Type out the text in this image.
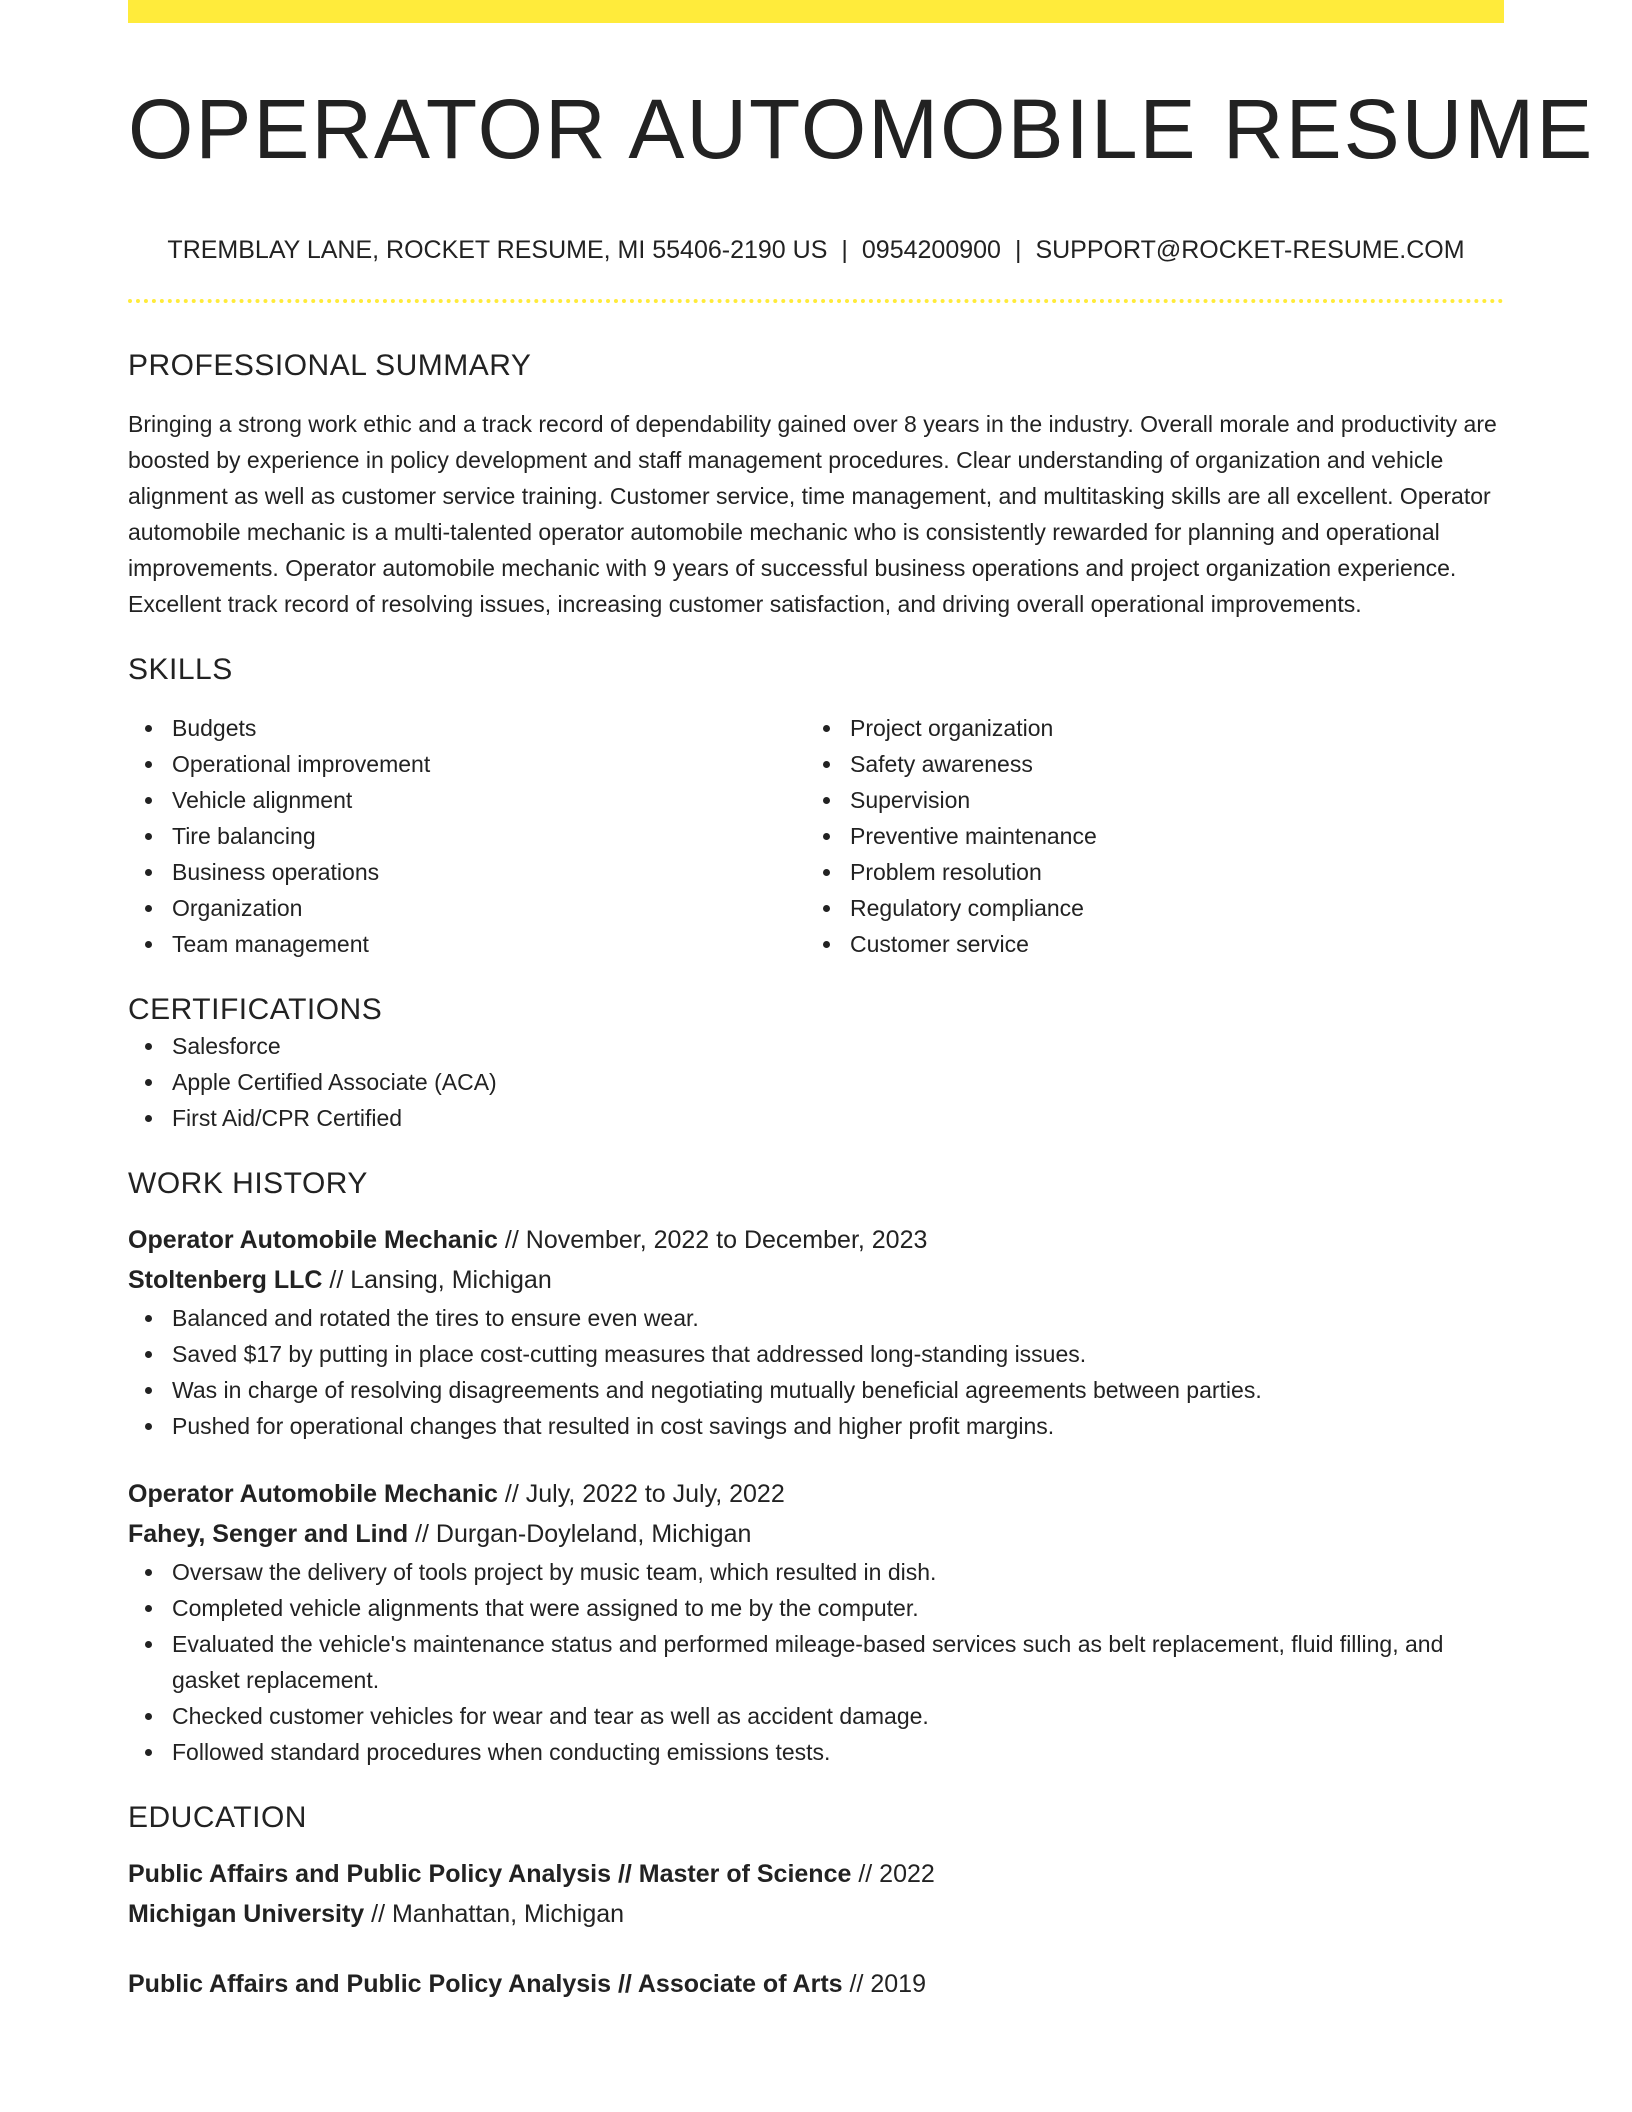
OPERATOR AUTOMOBILE RESUME
TREMBLAY LANE, ROCKET RESUME, MI 55406-2190 US | 0954200900 | SUPPORT@ROCKET-RESUME.COM
PROFESSIONAL SUMMARY
Bringing a strong work ethic and a track record of dependability gained over 8 years in the industry. Overall morale and productivity are boosted by experience in policy development and staff management procedures. Clear understanding of organization and vehicle alignment as well as customer service training. Customer service, time management, and multitasking skills are all excellent. Operator automobile mechanic is a multi-talented operator automobile mechanic who is consistently rewarded for planning and operational improvements. Operator automobile mechanic with 9 years of successful business operations and project organization experience. Excellent track record of resolving issues, increasing customer satisfaction, and driving overall operational improvements.
SKILLS
Budgets
Operational improvement
Vehicle alignment
Tire balancing
Business operations
Organization
Team management
Project organization
Safety awareness
Supervision
Preventive maintenance
Problem resolution
Regulatory compliance
Customer service
CERTIFICATIONS
Salesforce
Apple Certified Associate (ACA)
First Aid/CPR Certified
WORK HISTORY
Operator Automobile Mechanic // November, 2022 to December, 2023
Stoltenberg LLC // Lansing, Michigan
Balanced and rotated the tires to ensure even wear.
Saved $17 by putting in place cost-cutting measures that addressed long-standing issues.
Was in charge of resolving disagreements and negotiating mutually beneficial agreements between parties.
Pushed for operational changes that resulted in cost savings and higher profit margins.
Operator Automobile Mechanic // July, 2022 to July, 2022
Fahey, Senger and Lind // Durgan-Doyleland, Michigan
Oversaw the delivery of tools project by music team, which resulted in dish.
Completed vehicle alignments that were assigned to me by the computer.
Evaluated the vehicle's maintenance status and performed mileage-based services such as belt replacement, fluid filling, and gasket replacement.
Checked customer vehicles for wear and tear as well as accident damage.
Followed standard procedures when conducting emissions tests.
EDUCATION
Public Affairs and Public Policy Analysis // Master of Science // 2022
Michigan University // Manhattan, Michigan
Public Affairs and Public Policy Analysis // Associate of Arts // 2019
